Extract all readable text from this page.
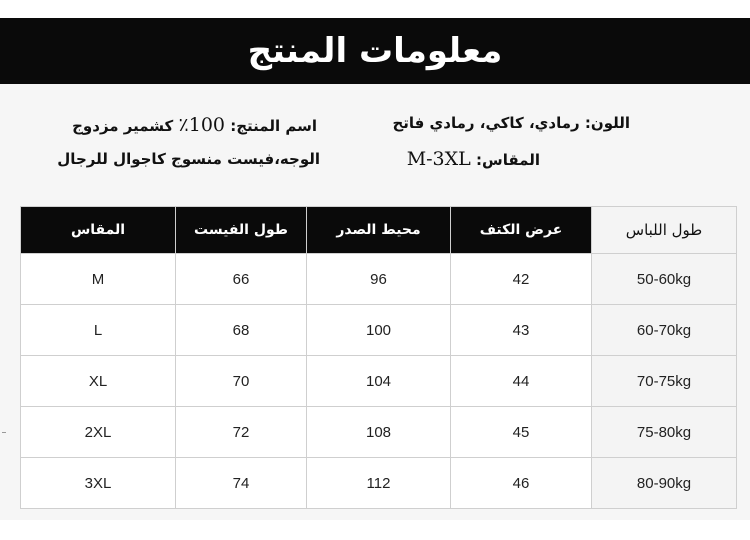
معلومات المنتج
اسم المنتج: 100٪ كشمير مزدوج
الوجه،فيست منسوج كاجوال للرجال
اللون: رمادي، كاكي، رمادي فاتح
المقاس: M-3XL
المقاس	طول الفيست	محيط الصدر	عرض الكتف	طول اللباس
M	66	96	42	50-60kg
L	68	100	43	60-70kg
XL	70	104	44	70-75kg
2XL	72	108	45	75-80kg
3XL	74	112	46	80-90kg
